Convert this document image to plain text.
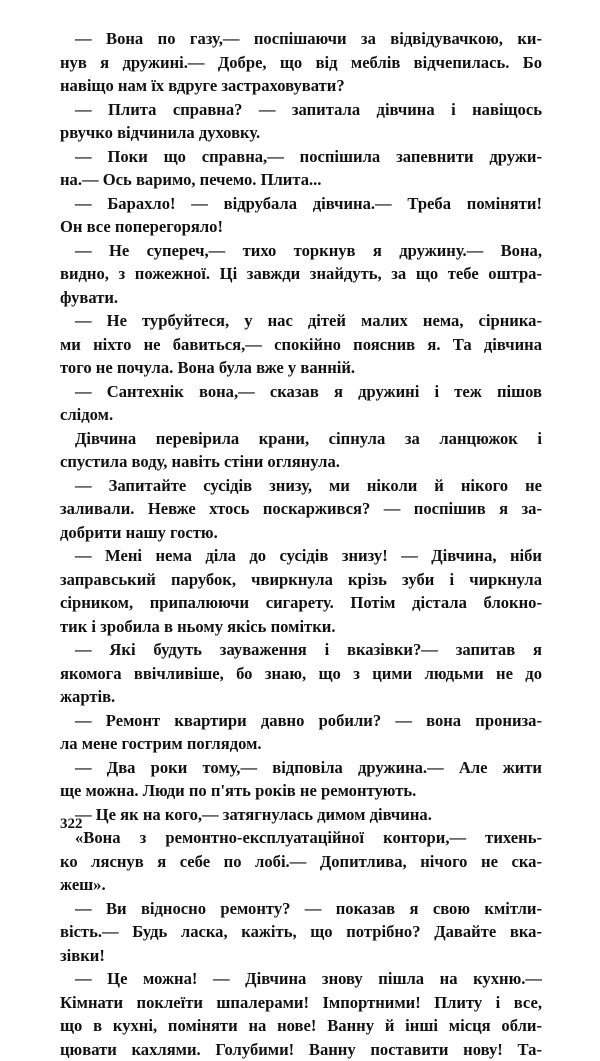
— Вона по газу,— поспішаючи за відвідувачкою, ки-
нув я дружині.— Добре, що від меблів відчепилась. Бо
навіщо нам їх вдруге застраховувати?
— Плита справна? — запитала дівчина і навіщось
рвучко відчинила духовку.
— Поки що справна,— поспішила запевнити дружи-
на.— Ось варимо, печемо. Плита...
— Барахло! — відрубала дівчина.— Треба поміняти!
Он все поперегоряло!
— Не супереч,— тихо торкнув я дружину.— Вона,
видно, з пожежної. Ці завжди знайдуть, за що тебе оштра-
фувати.
— Не турбуйтеся, у нас дітей малих нема, сірника-
ми ніхто не бавиться,— спокійно пояснив я. Та дівчина
того не почула. Вона була вже у ванній.
— Сантехнік вона,— сказав я дружині і теж пішов
слідом.
Дівчина перевірила крани, сіпнула за ланцюжок і
спустила воду, навіть стіни оглянула.
— Запитайте сусідів знизу, ми ніколи й нікого не
заливали. Невже хтось поскаржився? — поспішив я за-
добрити нашу гостю.
— Мені нема діла до сусідів знизу! — Дівчина, ніби
заправський парубок, чвиркнула крізь зуби і чиркнула
сірником, припалюючи сигарету. Потім дістала блокно-
тик і зробила в ньому якісь помітки.
— Які будуть зауваження і вказівки?— запитав я
якомога ввічливіше, бо знаю, що з цими людьми не до
жартів.
— Ремонт квартири давно робили? — вона прониза-
ла мене гострим поглядом.
— Два роки тому,— відповіла дружина.— Але жити
ще можна. Люди по п'ять років не ремонтують.
— Це як на кого,— затягнулась димом дівчина.
«Вона з ремонтно-експлуатаційної контори,— тихень-
ко ляснув я себе по лобі.— Допитлива, нічого не ска-
жеш».
— Ви відносно ремонту? — показав я свою кмітли-
вість.— Будь ласка, кажіть, що потрібно? Давайте вка-
зівки!
— Це можна! — Дівчина знову пішла на кухню.—
Кімнати поклеїти шпалерами! Імпортними! Плиту і все,
що в кухні, поміняти на нове! Ванну й інші місця обли-
цювати кахлями. Голубими! Ванну поставити нову! Та-
322
